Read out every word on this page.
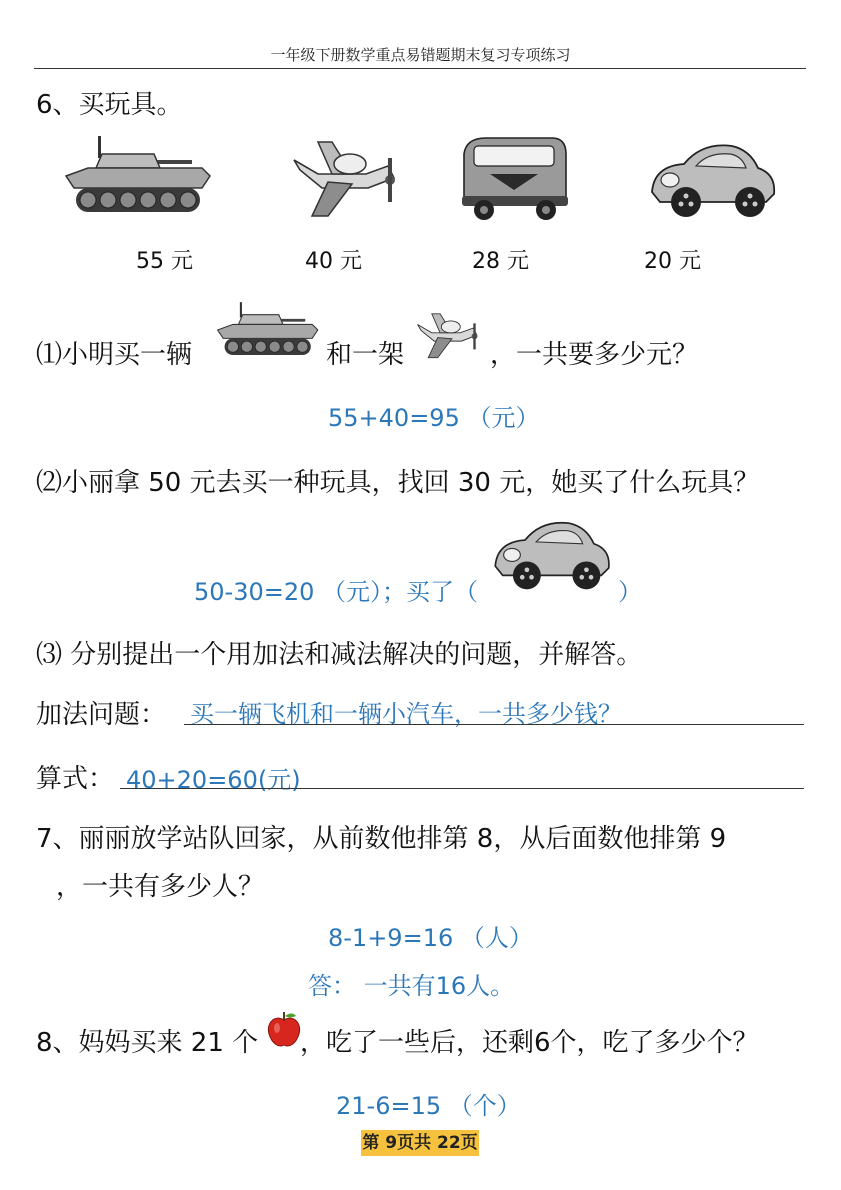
一年级下册数学重点易错题期末复习专项练习
6、买玩具。
55 元	40 元	28 元	20 元
⑴小明买一辆	和一架	，一共要多少元？
55+40=95 （元）
⑵小丽拿 50 元去买一种玩具，找回 30 元，她买了什么玩具？
50-30=20 （元）；买了（	）
⑶ 分别提出一个用加法和减法解决的问题，并解答。
加法问题： 买一辆飞机和一辆小汽车，一共多少钱？
算式： 40+20=60(元)
7、丽丽放学站队回家，从前数他排第 8，从后面数他排第 9
，一共有多少人？
8-1+9=16 （人）
答： 一共有16人。
8、妈妈买来 21 个 ，吃了一些后，还剩6个，吃了多少个？
21-6=15 （个）
第 9页共 22页
